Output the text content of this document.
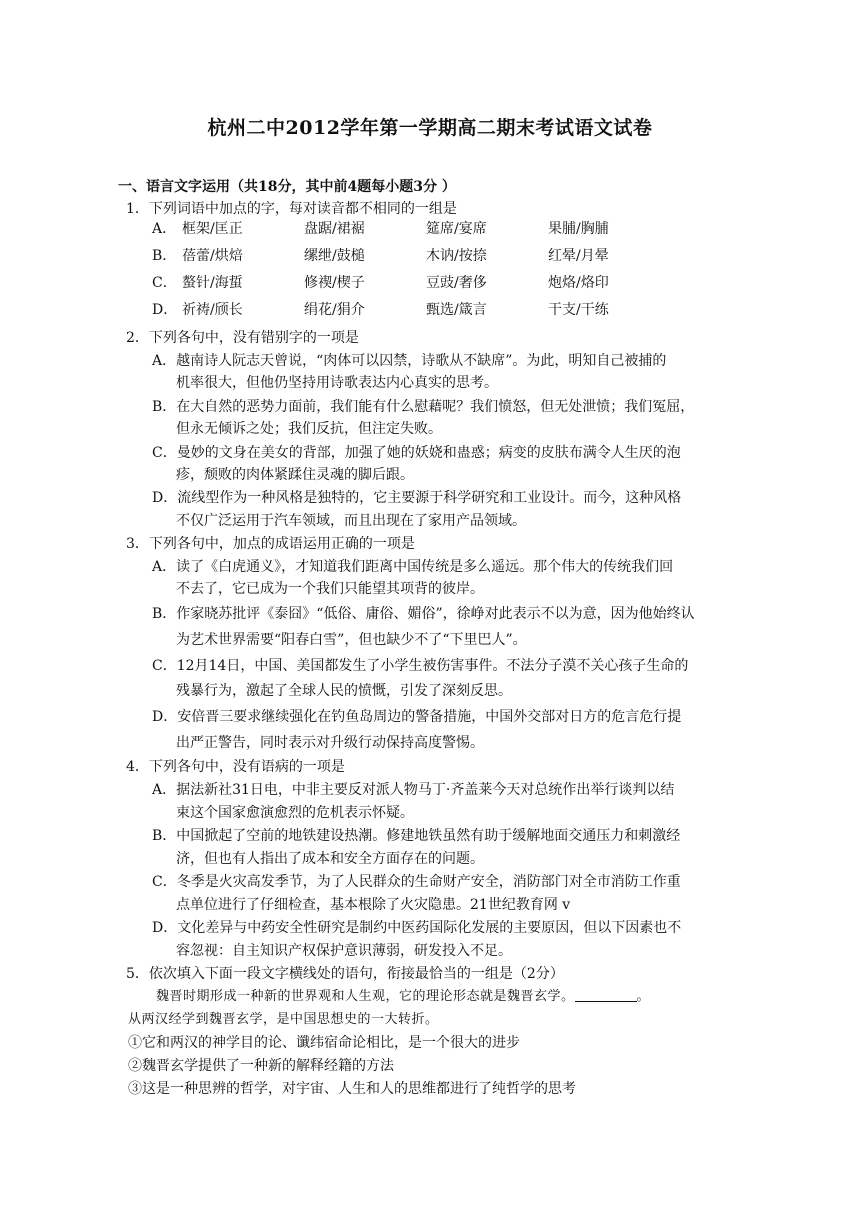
杭州二中2012学年第一学期高二期末考试语文试卷
一、语言文字运用（共18分，其中前4题每小题3分 ）
1．下列词语中加点的字，每对读音都不相同的一组是
A． 框架/匡正	盘踞/裙裾	筵席/宴席	果脯/胸脯
B． 蓓蕾/烘焙	缧绁/鼓槌	木讷/按捺	红晕/月晕
C． 螯针/海蜇	修禊/楔子	豆豉/奢侈	炮烙/烙印
D． 祈祷/颀长	绢花/狷介	甄选/箴言	干支/干练
2．下列各句中，没有错别字的一项是
A．越南诗人阮志天曾说，“肉体可以囚禁，诗歌从不缺席”。为此，明知自己被捕的
机率很大，但他仍坚持用诗歌表达内心真实的思考。
B．在大自然的恶势力面前，我们能有什么慰藉呢？我们愤怒，但无处泄愤；我们冤屈，
但永无倾诉之处；我们反抗，但注定失败。
C．曼妙的文身在美女的背部，加强了她的妖娆和蛊惑；病变的皮肤布满令人生厌的泡
疹，颓败的肉体紧蹂住灵魂的脚后跟。
D．流线型作为一种风格是独特的，它主要源于科学研究和工业设计。而今，这种风格
不仅广泛运用于汽车领域，而且出现在了家用产品领域。
3．下列各句中，加点的成语运用正确的一项是
A．读了《白虎通义》，才知道我们距离中国传统是多么遥远。那个伟大的传统我们回
不去了，它已成为一个我们只能望其项背的彼岸。
B．作家晓苏批评《泰囧》“低俗、庸俗、媚俗”，徐峥对此表示不以为意，因为他始终认
为艺术世界需要“阳春白雪”，但也缺少不了“下里巴人”。
C．12月14日，中国、美国都发生了小学生被伤害事件。不法分子漠不关心孩子生命的
残暴行为，激起了全球人民的愤慨，引发了深刻反思。
D．安倍晋三要求继续强化在钓鱼岛周边的警备措施，中国外交部对日方的危言危行提
出严正警告，同时表示对升级行动保持高度警惕。
4．下列各句中，没有语病的一项是
A．据法新社31日电，中非主要反对派人物马丁·齐盖莱今天对总统作出举行谈判以结
束这个国家愈演愈烈的危机表示怀疑。
B．中国掀起了空前的地铁建设热潮。修建地铁虽然有助于缓解地面交通压力和刺激经
济，但也有人指出了成本和安全方面存在的问题。
C．冬季是火灾高发季节，为了人民群众的生命财产安全，消防部门对全市消防工作重
点单位进行了仔细检查，基本根除了火灾隐患。21世纪教育网 v
D．文化差异与中药安全性研究是制约中医药国际化发展的主要原因，但以下因素也不
容忽视：自主知识产权保护意识薄弱，研发投入不足。
5．依次填入下面一段文字横线处的语句，衔接最恰当的一组是（2分）
魏晋时期形成一种新的世界观和人生观，它的理论形态就是魏晋玄学。	。
从两汉经学到魏晋玄学，是中国思想史的一大转折。
①它和两汉的神学目的论、谶纬宿命论相比，是一个很大的进步
②魏晋玄学提供了一种新的解释经籍的方法
③这是一种思辨的哲学，对宇宙、人生和人的思维都进行了纯哲学的思考
